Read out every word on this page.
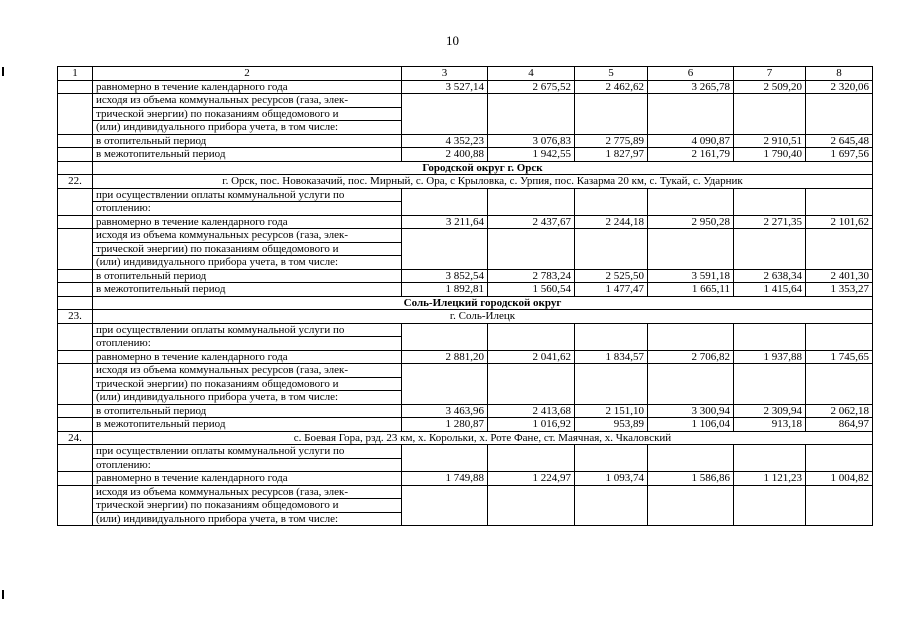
10
1	2	3	4	5	6	7	8
	равномерно в течение календарного года	3 527,14	2 675,52	2 462,62	3 265,78	2 509,20	2 320,06
	исходя из объема коммунальных ресурсов (газа, элек-						
	трической энергии) по показаниям общедомового и						
	(или) индивидуального прибора учета, в том числе:						
	в отопительный период	4 352,23	3 076,83	2 775,89	4 090,87	2 910,51	2 645,48
	в межотопительный период	2 400,88	1 942,55	1 827,97	2 161,79	1 790,40	1 697,56
	Городской округ г. Орск						
22.	г. Орск, пос. Новоказачий, пос. Мирный, с. Ора, с Крыловка, с. Урпия, пос. Казарма 20 км, с. Тукай, с. Ударник						
	при осуществлении оплаты коммунальной услуги по						
	отоплению:						
	равномерно в течение календарного года	3 211,64	2 437,67	2 244,18	2 950,28	2 271,35	2 101,62
	исходя из объема коммунальных ресурсов (газа, элек-						
	трической энергии) по показаниям общедомового и						
	(или) индивидуального прибора учета, в том числе:						
	в отопительный период	3 852,54	2 783,24	2 525,50	3 591,18	2 638,34	2 401,30
	в межотопительный период	1 892,81	1 560,54	1 477,47	1 665,11	1 415,64	1 353,27
	Соль-Илецкий городской округ						
23.	г. Соль-Илецк						
	при осуществлении оплаты коммунальной услуги по						
	отоплению:						
	равномерно в течение календарного года	2 881,20	2 041,62	1 834,57	2 706,82	1 937,88	1 745,65
	исходя из объема коммунальных ресурсов (газа, элек-						
	трической энергии) по показаниям общедомового и						
	(или) индивидуального прибора учета, в том числе:						
	в отопительный период	3 463,96	2 413,68	2 151,10	3 300,94	2 309,94	2 062,18
	в межотопительный период	1 280,87	1 016,92	953,89	1 106,04	913,18	864,97
24.	с. Боевая Гора, рзд. 23 км, х. Корольки, х. Роте Фане, ст. Маячная, х. Чкаловский						
	при осуществлении оплаты коммунальной услуги по						
	отоплению:						
	равномерно в течение календарного года	1 749,88	1 224,97	1 093,74	1 586,86	1 121,23	1 004,82
	исходя из объема коммунальных ресурсов (газа, элек-						
	трической энергии) по показаниям общедомового и						
	(или) индивидуального прибора учета, в том числе:						
